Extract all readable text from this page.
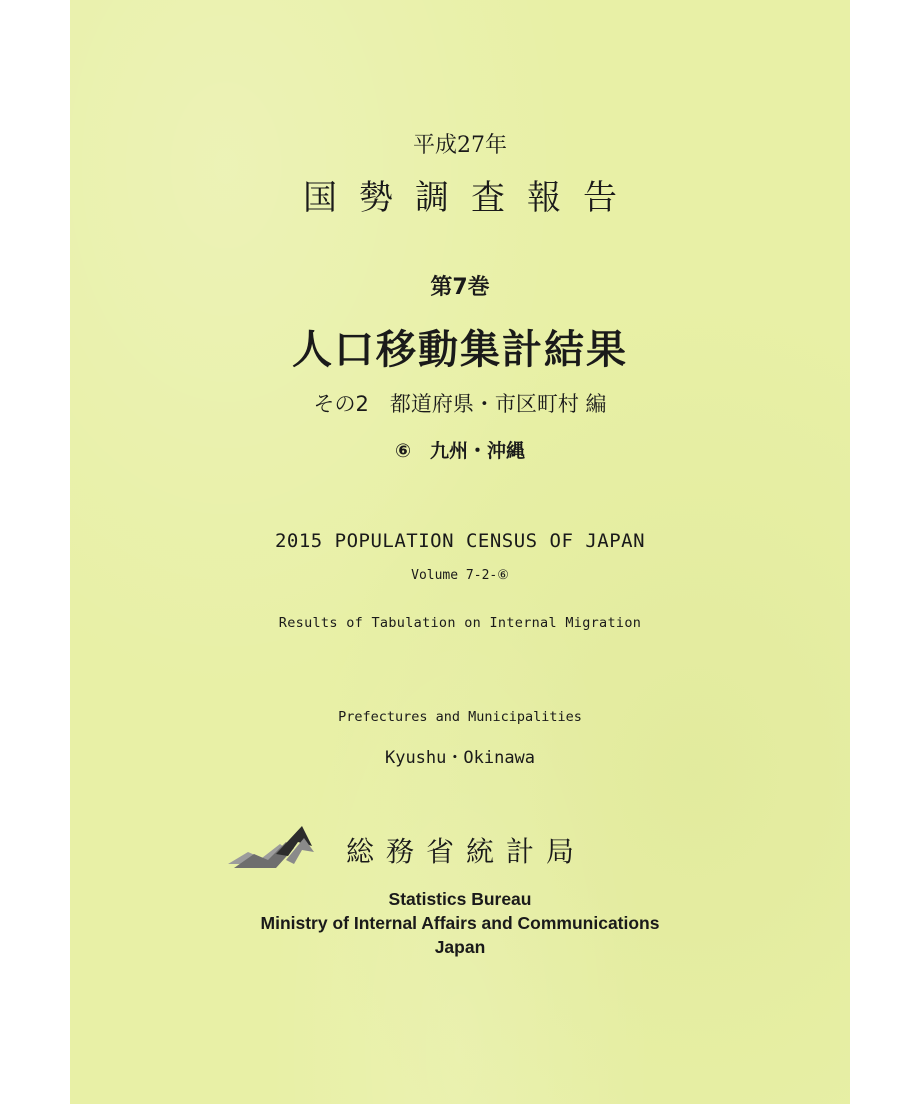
平成27年
国勢調査報告
第7巻
人口移動集計結果
その2　都道府県・市区町村 編
⑥　九州・沖縄
2015 POPULATION CENSUS OF JAPAN
Volume 7-2-⑥
Results of Tabulation on Internal Migration
Prefectures and Municipalities
Kyushu・Okinawa
総務省統計局
Statistics Bureau
Ministry of Internal Affairs and Communications
Japan
